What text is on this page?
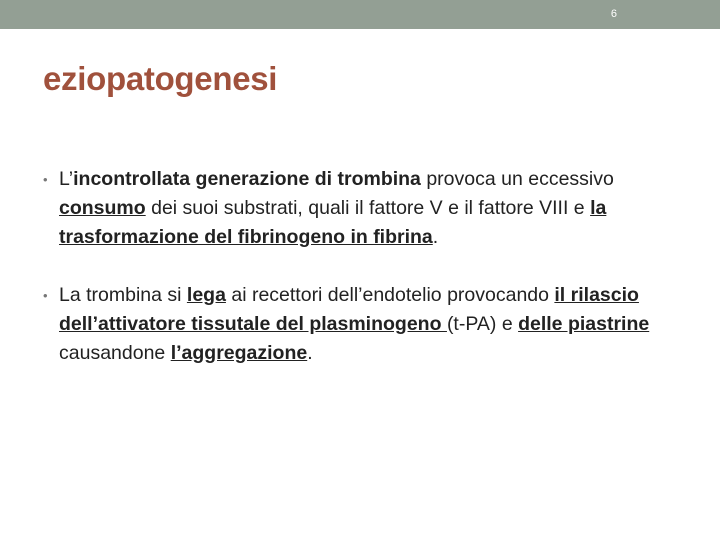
6
eziopatogenesi
• L’incontrollata generazione di trombina provoca un eccessivo consumo dei suoi substrati, quali il fattore V e il fattore VIII e la trasformazione del fibrinogeno in fibrina.
• La trombina si lega ai recettori dell’endotelio provocando il rilascio dell’attivatore tissutale del plasminogeno (t-PA) e delle piastrine causandone l’aggregazione.
